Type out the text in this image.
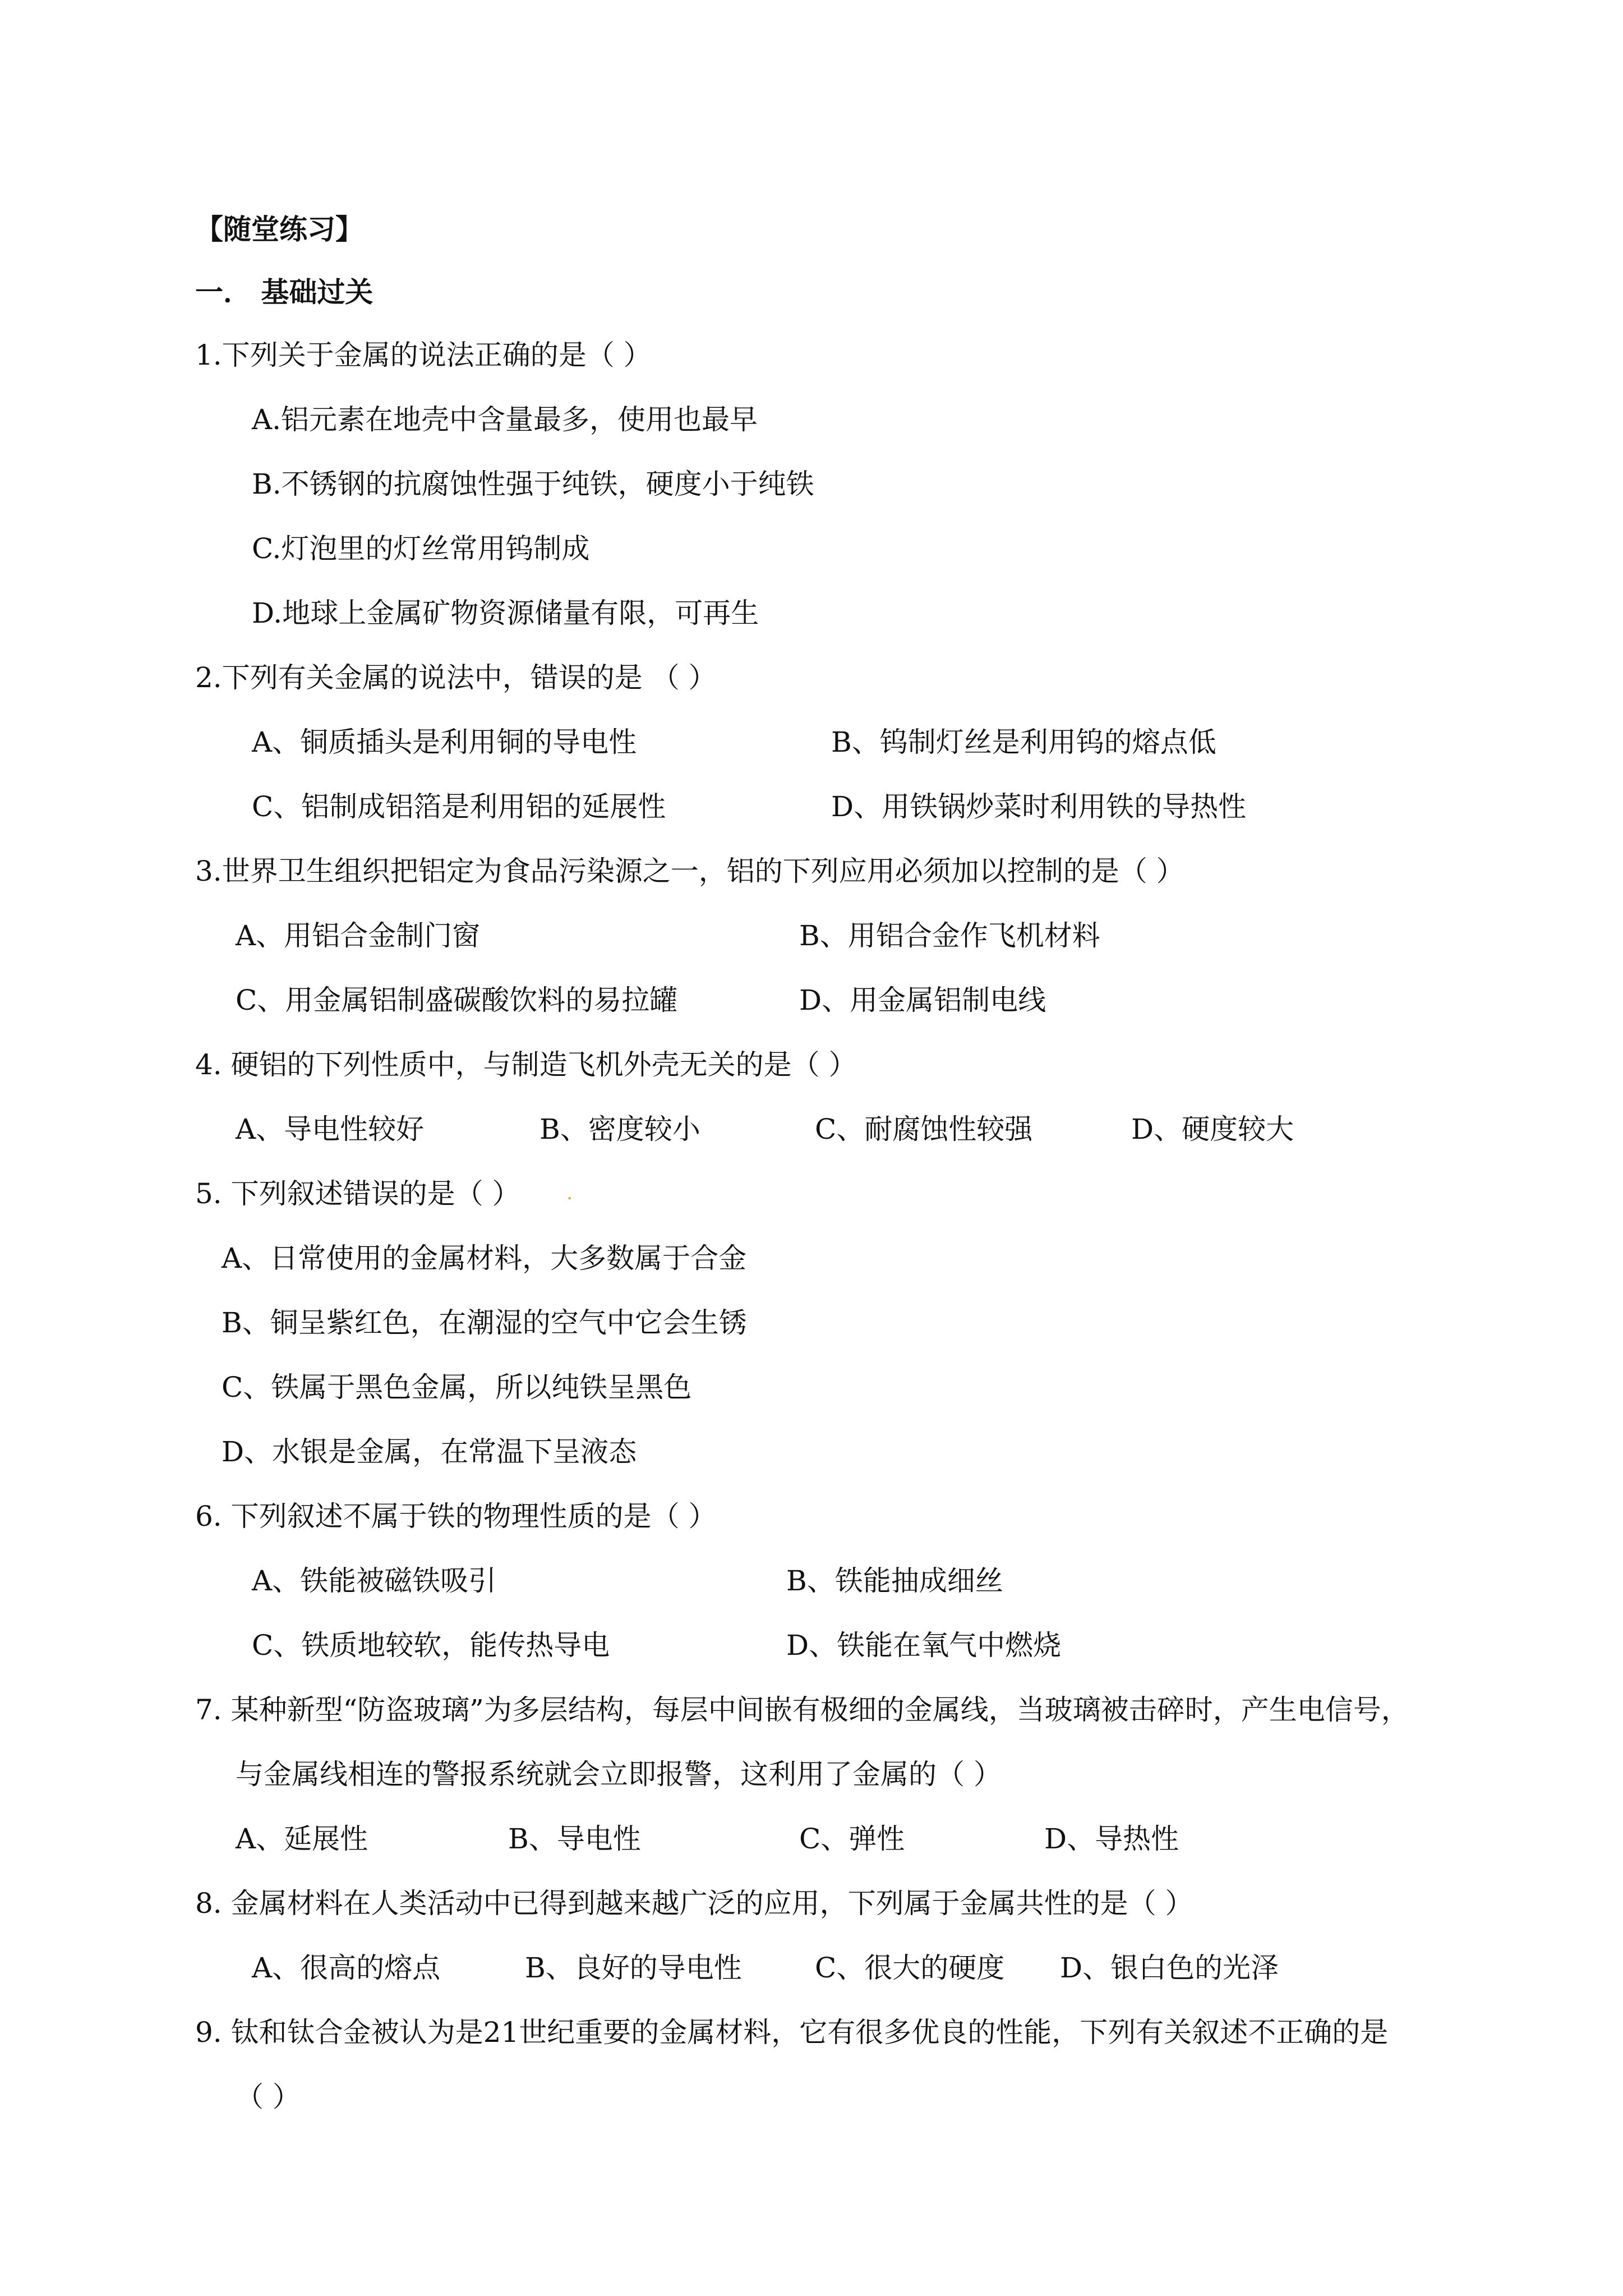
【随堂练习】
一． 基础过关
1.下列关于金属的说法正确的是（ ）
A.铝元素在地壳中含量最多，使用也最早
B.不锈钢的抗腐蚀性强于纯铁，硬度小于纯铁
C.灯泡里的灯丝常用钨制成
D.地球上金属矿物资源储量有限，可再生
2.下列有关金属的说法中，错误的是 （ ）
A、铜质插头是利用铜的导电性	B、钨制灯丝是利用钨的熔点低
C、铝制成铝箔是利用铝的延展性	D、用铁锅炒菜时利用铁的导热性
3.世界卫生组织把铝定为食品污染源之一，铝的下列应用必须加以控制的是（ ）
A、用铝合金制门窗	B、用铝合金作飞机材料
C、用金属铝制盛碳酸饮料的易拉罐	D、用金属铝制电线
4. 硬铝的下列性质中，与制造飞机外壳无关的是（ ）
A、导电性较好	B、密度较小	C、耐腐蚀性较强	D、硬度较大
5. 下列叙述错误的是（ ） .
A、日常使用的金属材料，大多数属于合金
B、铜呈紫红色，在潮湿的空气中它会生锈
C、铁属于黑色金属，所以纯铁呈黑色
D、水银是金属，在常温下呈液态
6. 下列叙述不属于铁的物理性质的是（ ）
A、铁能被磁铁吸引	B、铁能抽成细丝
C、铁质地较软，能传热导电	D、铁能在氧气中燃烧
7. 某种新型“防盗玻璃”为多层结构，每层中间嵌有极细的金属线，当玻璃被击碎时，产生电信号，
与金属线相连的警报系统就会立即报警，这利用了金属的（ ）
A、延展性	B、导电性	C、弹性	D、导热性
8. 金属材料在人类活动中已得到越来越广泛的应用，下列属于金属共性的是（ ）
A、很高的熔点	B、良好的导电性	C、很大的硬度 D、银白色的光泽
9. 钛和钛合金被认为是21世纪重要的金属材料，它有很多优良的性能，下列有关叙述不正确的是
（ ）
